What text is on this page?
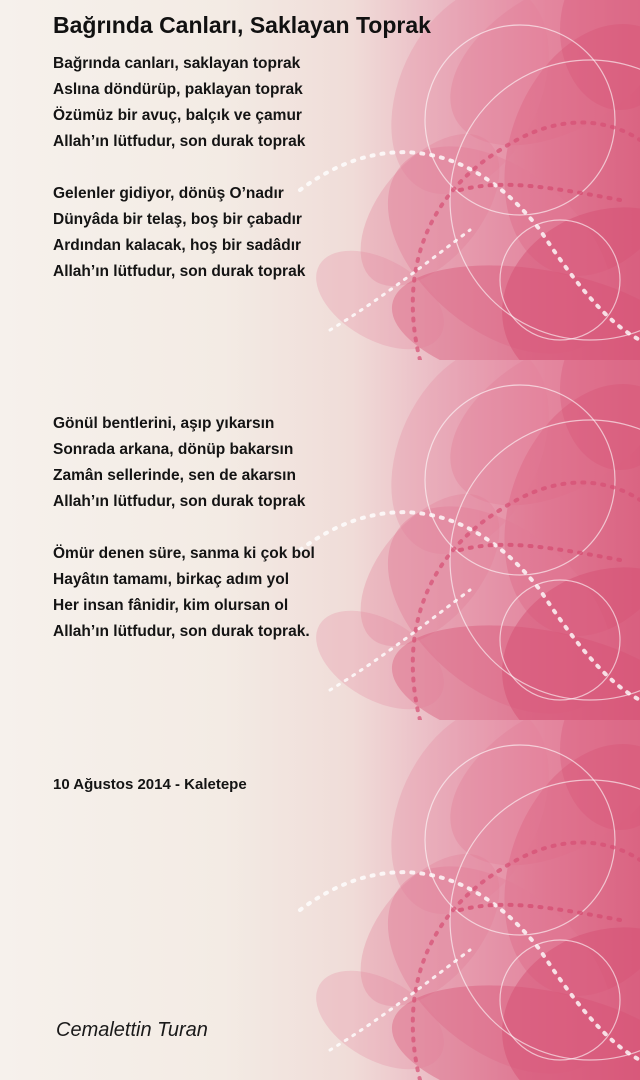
Bağrında Canları, Saklayan Toprak
Bağrında canları, saklayan toprak
Aslına döndürüp, paklayan toprak
Özümüz bir avuç, balçık ve çamur
Allah’ın lütfudur, son durak toprak
Gelenler gidiyor, dönüş O’nadır
Dünyâda bir telaş, boş bir çabadır
Ardından kalacak, hoş bir sadâdır
Allah’ın lütfudur, son durak toprak
Gönül bentlerini, aşıp yıkarsın
Sonrada arkana, dönüp bakarsın
Zamân sellerinde, sen de akarsın
Allah’ın lütfudur, son durak toprak
Ömür denen süre, sanma ki çok bol
Hayâtın tamamı, birkaç adım yol
Her insan fânidir, kim olursan ol
Allah’ın lütfudur, son durak toprak.
10 Ağustos 2014 - Kaletepe
Cemalettin Turan
